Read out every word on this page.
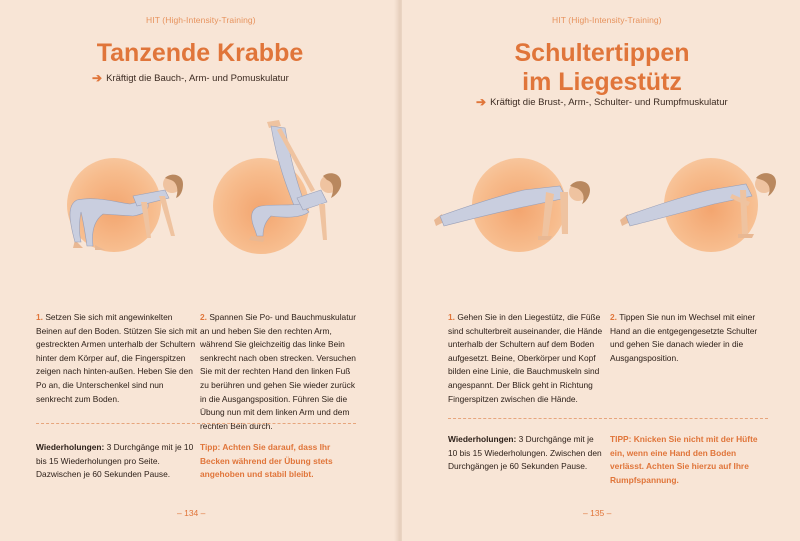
HIT (High-Intensity-Training)
Tanzende Krabbe
➔ Kräftigt die Bauch-, Arm- und Pomuskulatur
1. Setzen Sie sich mit angewinkelten Beinen auf den Boden. Stützen Sie sich mit gestreckten Armen unterhalb der Schultern hinter dem Körper auf, die Fingerspitzen zeigen nach hinten-außen. Heben Sie den Po an, die Unterschenkel sind nun senkrecht zum Boden.
2. Spannen Sie Po- und Bauchmuskulatur an und heben Sie den rechten Arm, während Sie gleichzeitig das linke Bein senkrecht nach oben strecken. Versuchen Sie mit der rechten Hand den linken Fuß zu berühren und gehen Sie wieder zurück in die Ausgangsposition. Führen Sie die Übung nun mit dem linken Arm und dem rechten Bein durch.
Wiederholungen: 3 Durchgänge mit je 10 bis 15 Wiederholungen pro Seite. Dazwischen je 60 Sekunden Pause.
Tipp: Achten Sie darauf, dass Ihr Becken während der Übung stets angehoben und stabil bleibt.
– 134 –
HIT (High-Intensity-Training)
Schultertippen
im Liegestütz
➔ Kräftigt die Brust-, Arm-, Schulter- und Rumpfmuskulatur
1. Gehen Sie in den Liegestütz, die Füße sind schulterbreit auseinander, die Hände unterhalb der Schultern auf dem Boden aufgesetzt. Beine, Oberkörper und Kopf bilden eine Linie, die Bauchmuskeln sind angespannt. Der Blick geht in Richtung Fingerspitzen zwischen die Hände.
2. Tippen Sie nun im Wechsel mit einer Hand an die entgegengesetzte Schulter und gehen Sie danach wieder in die Ausgangsposition.
Wiederholungen: 3 Durchgänge mit je 10 bis 15 Wiederholungen. Zwischen den Durchgängen je 60 Sekunden Pause.
TIPP: Knicken Sie nicht mit der Hüfte ein, wenn eine Hand den Boden verlässt. Achten Sie hierzu auf Ihre Rumpfspannung.
– 135 –
